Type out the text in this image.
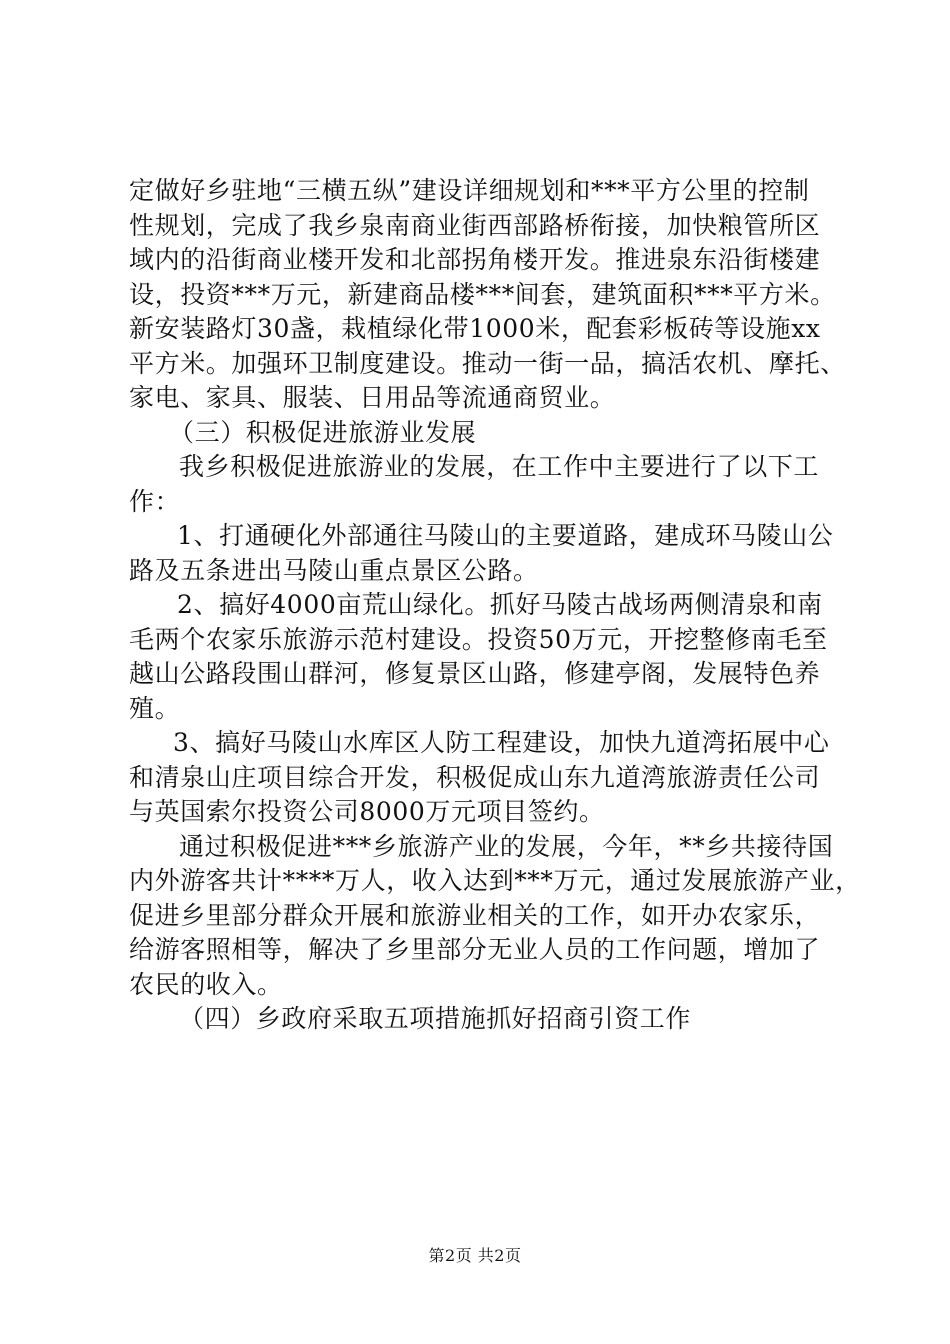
定做好乡驻地“三横五纵”建设详细规划和***平方公里的控制
性规划，完成了我乡泉南商业街西部路桥衔接，加快粮管所区
域内的沿街商业楼开发和北部拐角楼开发。推进泉东沿街楼建
设，投资***万元，新建商品楼***间套，建筑面积***平方米。
新安装路灯30盏，栽植绿化带1000米，配套彩板砖等设施xx
平方米。加强环卫制度建设。推动一街一品，搞活农机、摩托、
家电、家具、服装、日用品等流通商贸业。

（三）积极促进旅游业发展

我乡积极促进旅游业的发展，在工作中主要进行了以下工
作：

1、打通硬化外部通往马陵山的主要道路，建成环马陵山公
路及五条进出马陵山重点景区公路。

2、搞好4000亩荒山绿化。抓好马陵古战场两侧清泉和南
毛两个农家乐旅游示范村建设。投资50万元，开挖整修南毛至
越山公路段围山群河，修复景区山路，修建亭阁，发展特色养
殖。

3、搞好马陵山水库区人防工程建设，加快九道湾拓展中心
和清泉山庄项目综合开发，积极促成山东九道湾旅游责任公司
与英国索尔投资公司8000万元项目签约。

通过积极促进***乡旅游产业的发展，今年，**乡共接待国
内外游客共计****万人，收入达到***万元，通过发展旅游产业，
促进乡里部分群众开展和旅游业相关的工作，如开办农家乐，
给游客照相等，解决了乡里部分无业人员的工作问题，增加了
农民的收入。

（四）乡政府采取五项措施抓好招商引资工作

第2页 共2页
